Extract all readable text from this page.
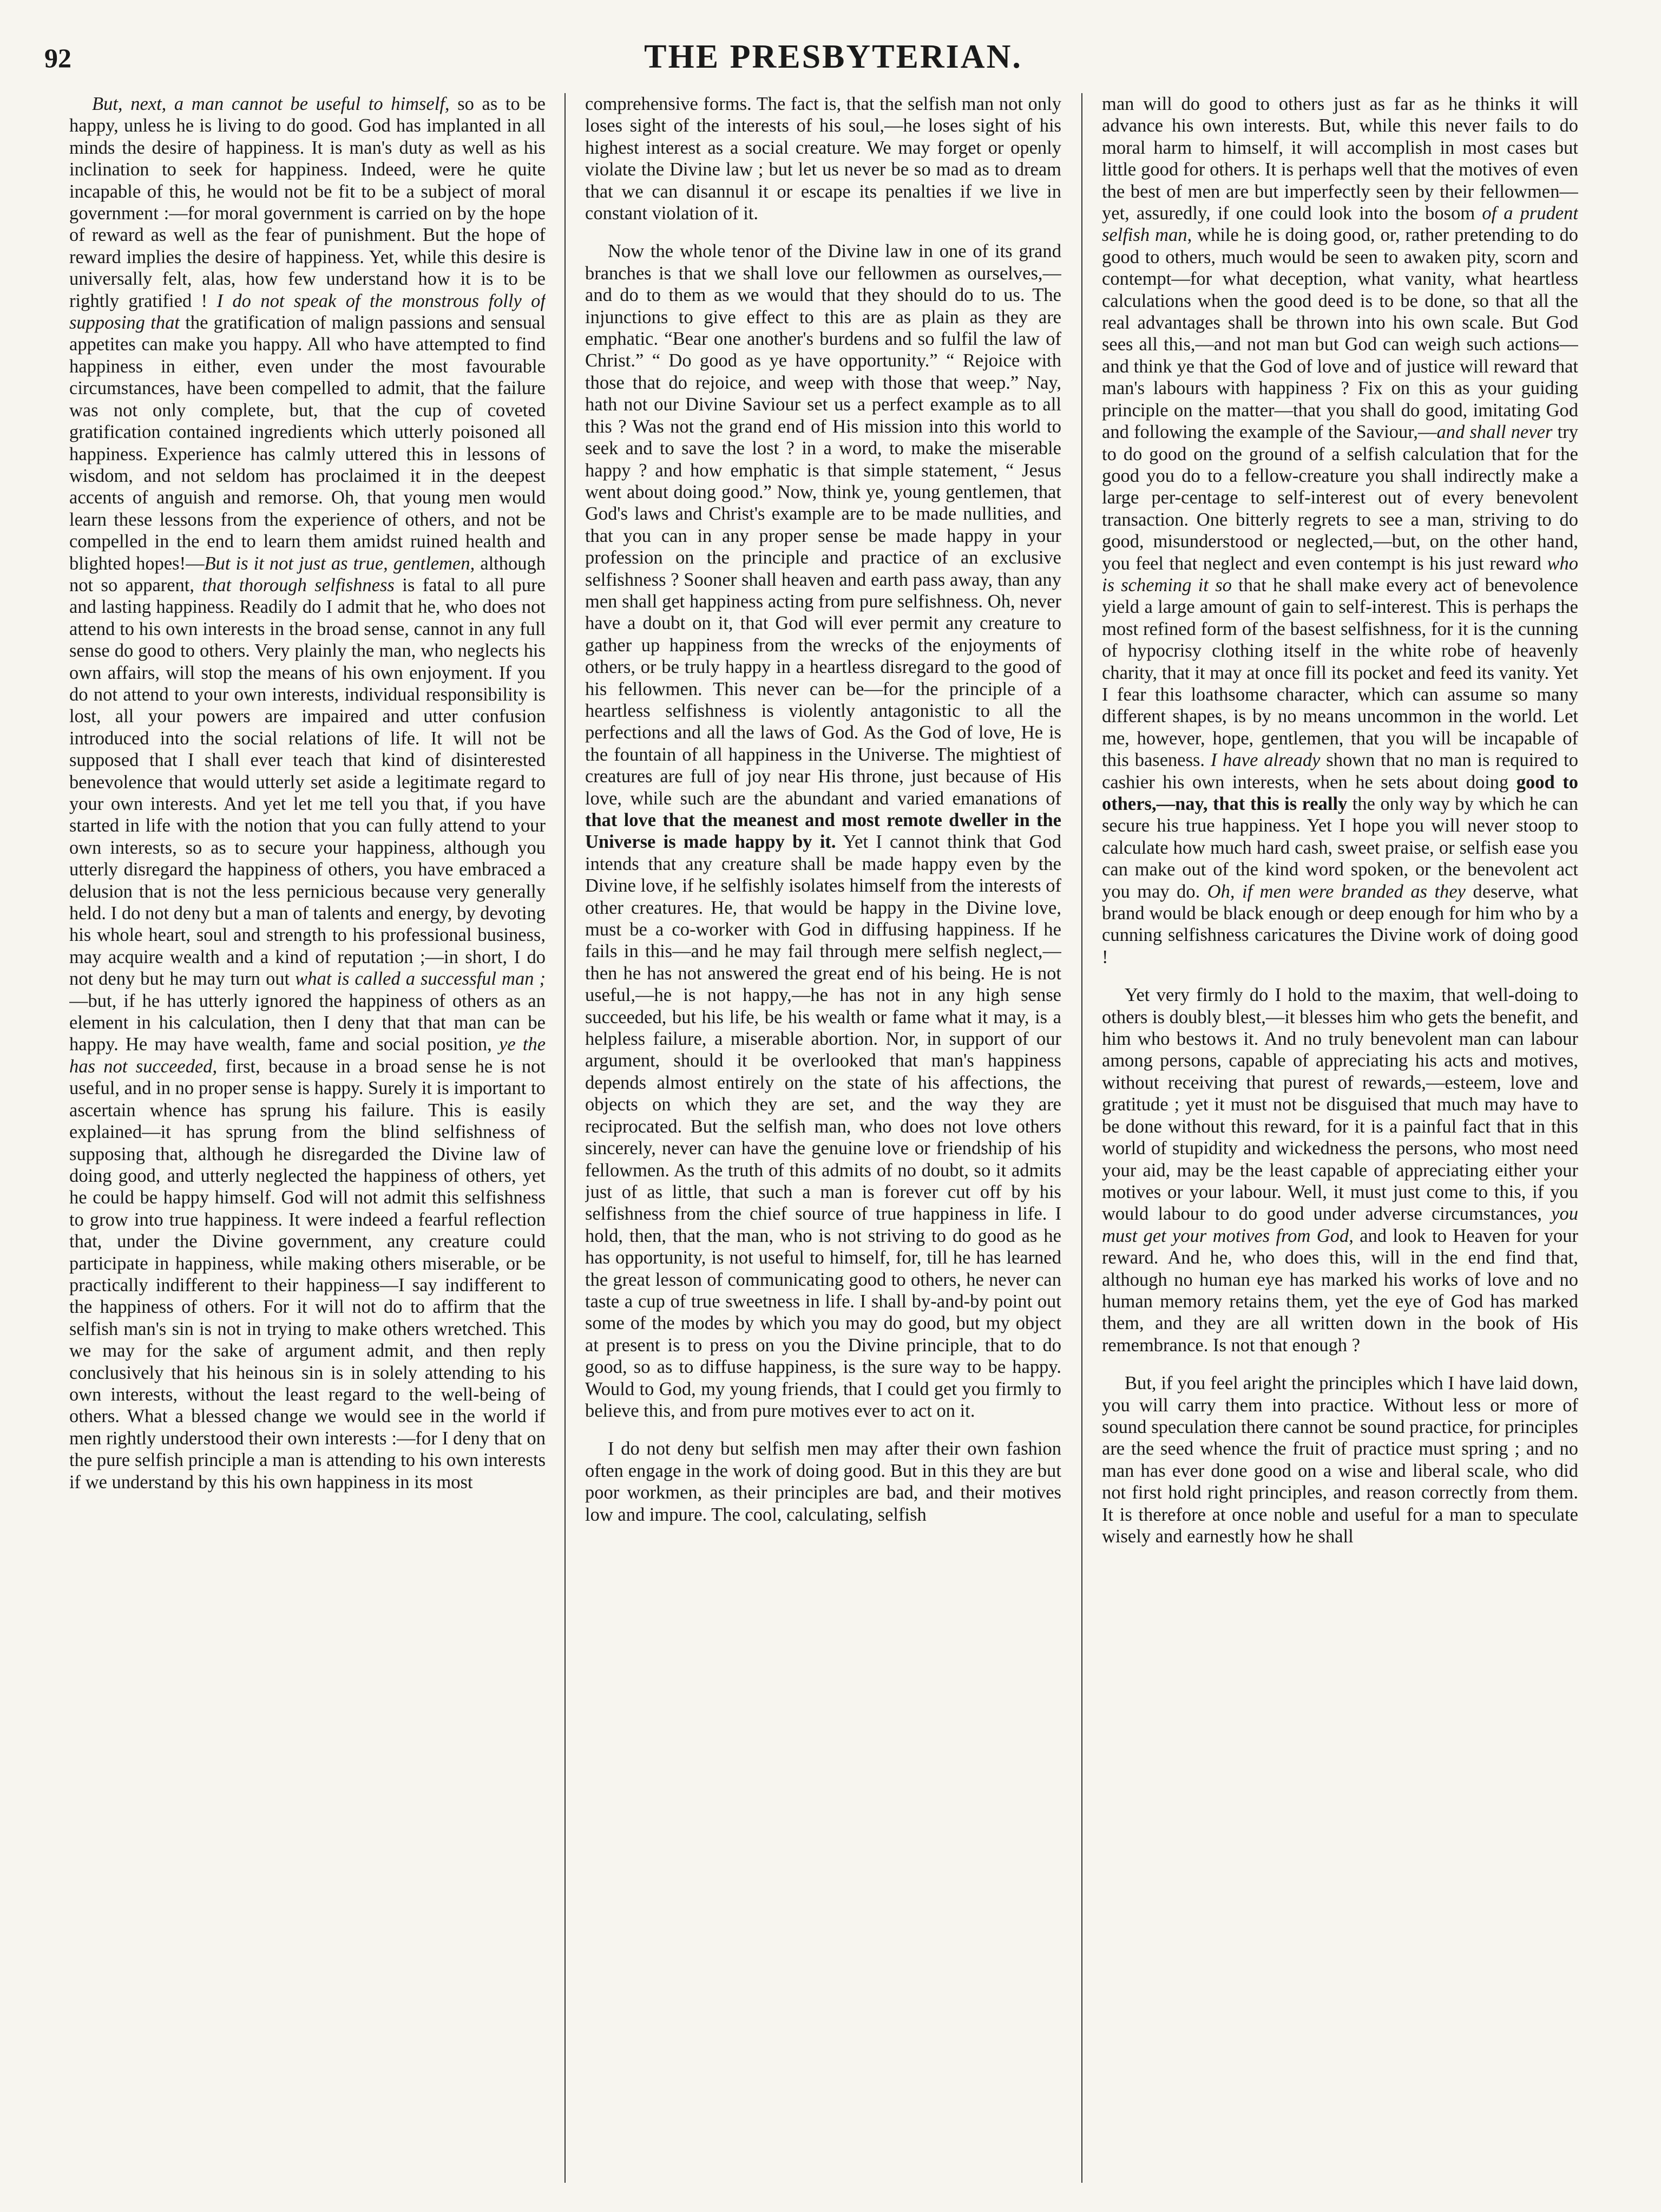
92	THE PRESBYTERIAN.

But, next, a man cannot be useful to himself, so as to be happy, unless he is living to do good. God has implanted in all minds the desire of happiness. It is man's duty as well as his inclination to seek for happiness. Indeed, were he quite incapable of this, he would not be fit to be a subject of moral government :—for moral government is carried on by the hope of reward as well as the fear of punishment. But the hope of reward implies the desire of happiness. Yet, while this desire is universally felt, alas, how few understand how it is to be rightly gratified ! I do not speak of the monstrous folly of supposing that the gratification of malign passions and sensual appetites can make you happy. All who have attempted to find happiness in either, even under the most favourable circumstances, have been compelled to admit, that the failure was not only complete, but, that the cup of coveted gratification contained ingredients which utterly poisoned all happiness. Experience has calmly uttered this in lessons of wisdom, and not seldom has proclaimed it in the deepest accents of anguish and remorse. Oh, that young men would learn these lessons from the experience of others, and not be compelled in the end to learn them amidst ruined health and blighted hopes!—But is it not just as true, gentlemen, although not so apparent, that thorough selfishness is fatal to all pure and lasting happiness. Readily do I admit that he, who does not attend to his own interests in the broad sense, cannot in any full sense do good to others. Very plainly the man, who neglects his own affairs, will stop the means of his own enjoyment. If you do not attend to your own interests, individual responsibility is lost, all your powers are impaired and utter confusion introduced into the social relations of life. It will not be supposed that I shall ever teach that kind of disinterested benevolence that would utterly set aside a legitimate regard to your own interests. And yet let me tell you that, if you have started in life with the notion that you can fully attend to your own interests, so as to secure your happiness, although you utterly disregard the happiness of others, you have embraced a delusion that is not the less pernicious because very generally held. I do not deny but a man of talents and energy, by devoting his whole heart, soul and strength to his professional business, may acquire wealth and a kind of reputation ;—in short, I do not deny but he may turn out what is called a successful man ;—but, if he has utterly ignored the happiness of others as an element in his calculation, then I deny that that man can be happy. He may have wealth, fame and social position, ye the has not succeeded, first, because in a broad sense he is not useful, and in no proper sense is happy. Surely it is important to ascertain whence has sprung his failure. This is easily explained—it has sprung from the blind selfishness of supposing that, although he disregarded the Divine law of doing good, and utterly neglected the happiness of others, yet he could be happy himself. God will not admit this selfishness to grow into true happiness. It were indeed a fearful reflection that, under the Divine government, any creature could participate in happiness, while making others miserable, or be practically indifferent to their happiness—I say indifferent to the happiness of others. For it will not do to affirm that the selfish man's sin is not in trying to make others wretched. This we may for the sake of argument admit, and then reply conclusively that his heinous sin is in solely attending to his own interests, without the least regard to the well-being of others. What a blessed change we would see in the world if men rightly understood their own interests :—for I deny that on the pure selfish principle a man is attending to his own interests if we understand by this his own happiness in its most

comprehensive forms. The fact is, that the selfish man not only loses sight of the interests of his soul,—he loses sight of his highest interest as a social creature. We may forget or openly violate the Divine law ; but let us never be so mad as to dream that we can disannul it or escape its penalties if we live in constant violation of it.

Now the whole tenor of the Divine law in one of its grand branches is that we shall love our fellowmen as ourselves,—and do to them as we would that they should do to us. The injunctions to give effect to this are as plain as they are emphatic. “Bear one another's burdens and so fulfil the law of Christ.” “ Do good as ye have opportunity.” “ Rejoice with those that do rejoice, and weep with those that weep.” Nay, hath not our Divine Saviour set us a perfect example as to all this ? Was not the grand end of His mission into this world to seek and to save the lost ? in a word, to make the miserable happy ? and how emphatic is that simple statement, “ Jesus went about doing good.” Now, think ye, young gentlemen, that God's laws and Christ's example are to be made nullities, and that you can in any proper sense be made happy in your profession on the principle and practice of an exclusive selfishness ? Sooner shall heaven and earth pass away, than any men shall get happiness acting from pure selfishness. Oh, never have a doubt on it, that God will ever permit any creature to gather up happiness from the wrecks of the enjoyments of others, or be truly happy in a heartless disregard to the good of his fellowmen. This never can be—for the principle of a heartless selfishness is violently antagonistic to all the perfections and all the laws of God. As the God of love, He is the fountain of all happiness in the Universe. The mightiest of creatures are full of joy near His throne, just because of His love, while such are the abundant and varied emanations of that love that the meanest and most remote dweller in the Universe is made happy by it. Yet I cannot think that God intends that any creature shall be made happy even by the Divine love, if he selfishly isolates himself from the interests of other creatures. He, that would be happy in the Divine love, must be a co-worker with God in diffusing happiness. If he fails in this—and he may fail through mere selfish neglect,—then he has not answered the great end of his being. He is not useful,—he is not happy,—he has not in any high sense succeeded, but his life, be his wealth or fame what it may, is a helpless failure, a miserable abortion. Nor, in support of our argument, should it be overlooked that man's happiness depends almost entirely on the state of his affections, the objects on which they are set, and the way they are reciprocated. But the selfish man, who does not love others sincerely, never can have the genuine love or friendship of his fellowmen. As the truth of this admits of no doubt, so it admits just of as little, that such a man is forever cut off by his selfishness from the chief source of true happiness in life. I hold, then, that the man, who is not striving to do good as he has opportunity, is not useful to himself, for, till he has learned the great lesson of communicating good to others, he never can taste a cup of true sweetness in life. I shall by-and-by point out some of the modes by which you may do good, but my object at present is to press on you the Divine principle, that to do good, so as to diffuse happiness, is the sure way to be happy. Would to God, my young friends, that I could get you firmly to believe this, and from pure motives ever to act on it.

I do not deny but selfish men may after their own fashion often engage in the work of doing good. But in this they are but poor workmen, as their principles are bad, and their motives low and impure. The cool, calculating, selfish

man will do good to others just as far as he thinks it will advance his own interests. But, while this never fails to do moral harm to himself, it will accomplish in most cases but little good for others. It is perhaps well that the motives of even the best of men are but imperfectly seen by their fellowmen—yet, assuredly, if one could look into the bosom of a prudent selfish man, while he is doing good, or, rather pretending to do good to others, much would be seen to awaken pity, scorn and contempt—for what deception, what vanity, what heartless calculations when the good deed is to be done, so that all the real advantages shall be thrown into his own scale. But God sees all this,—and not man but God can weigh such actions—and think ye that the God of love and of justice will reward that man's labours with happiness ? Fix on this as your guiding principle on the matter—that you shall do good, imitating God and following the example of the Saviour,—and shall never try to do good on the ground of a selfish calculation that for the good you do to a fellow-creature you shall indirectly make a large per-centage to self-interest out of every benevolent transaction. One bitterly regrets to see a man, striving to do good, misunderstood or neglected,—but, on the other hand, you feel that neglect and even contempt is his just reward who is scheming it so that he shall make every act of benevolence yield a large amount of gain to self-interest. This is perhaps the most refined form of the basest selfishness, for it is the cunning of hypocrisy clothing itself in the white robe of heavenly charity, that it may at once fill its pocket and feed its vanity. Yet I fear this loathsome character, which can assume so many different shapes, is by no means uncommon in the world. Let me, however, hope, gentlemen, that you will be incapable of this baseness. I have already shown that no man is required to cashier his own interests, when he sets about doing good to others,—nay, that this is really the only way by which he can secure his true happiness. Yet I hope you will never stoop to calculate how much hard cash, sweet praise, or selfish ease you can make out of the kind word spoken, or the benevolent act you may do. Oh, if men were branded as they deserve, what brand would be black enough or deep enough for him who by a cunning selfishness caricatures the Divine work of doing good !

Yet very firmly do I hold to the maxim, that well-doing to others is doubly blest,—it blesses him who gets the benefit, and him who bestows it. And no truly benevolent man can labour among persons, capable of appreciating his acts and motives, without receiving that purest of rewards,—esteem, love and gratitude ; yet it must not be disguised that much may have to be done without this reward, for it is a painful fact that in this world of stupidity and wickedness the persons, who most need your aid, may be the least capable of appreciating either your motives or your labour. Well, it must just come to this, if you would labour to do good under adverse circumstances, you must get your motives from God, and look to Heaven for your reward. And he, who does this, will in the end find that, although no human eye has marked his works of love and no human memory retains them, yet the eye of God has marked them, and they are all written down in the book of His remembrance. Is not that enough ?

But, if you feel aright the principles which I have laid down, you will carry them into practice. Without less or more of sound speculation there cannot be sound practice, for principles are the seed whence the fruit of practice must spring ; and no man has ever done good on a wise and liberal scale, who did not first hold right principles, and reason correctly from them. It is therefore at once noble and useful for a man to speculate wisely and earnestly how he shall
